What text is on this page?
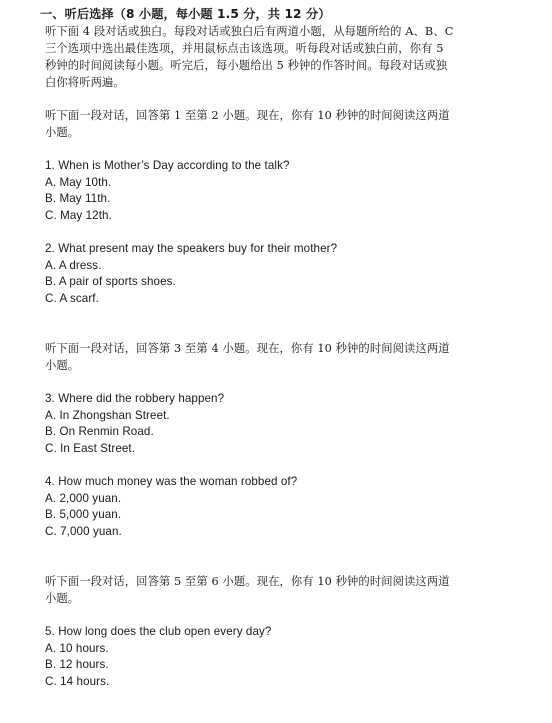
一、听后选择（8 小题，每小题 1.5 分，共 12 分）
听下面 4 段对话或独白。每段对话或独白后有两道小题，从每题所给的 A、B、C
三个选项中选出最佳选项，并用鼠标点击该选项。听每段对话或独白前，你有 5
秒钟的时间阅读每小题。听完后，每小题给出 5 秒钟的作答时间。每段对话或独
白你将听两遍。
听下面一段对话，回答第 1 至第 2 小题。现在，你有 10 秒钟的时间阅读这两道
小题。
1. When is Mother’s Day according to the talk?
A. May 10th.
B. May 11th.
C. May 12th.
2. What present may the speakers buy for their mother?
A. A dress.
B. A pair of sports shoes.
C. A scarf.
听下面一段对话，回答第 3 至第 4 小题。现在，你有 10 秒钟的时间阅读这两道
小题。
3. Where did the robbery happen?
A. In Zhongshan Street.
B. On Renmin Road.
C. In East Street.
4. How much money was the woman robbed of?
A. 2,000 yuan.
B. 5,000 yuan.
C. 7,000 yuan.
听下面一段对话，回答第 5 至第 6 小题。现在，你有 10 秒钟的时间阅读这两道
小题。
5. How long does the club open every day?
A. 10 hours.
B. 12 hours.
C. 14 hours.
